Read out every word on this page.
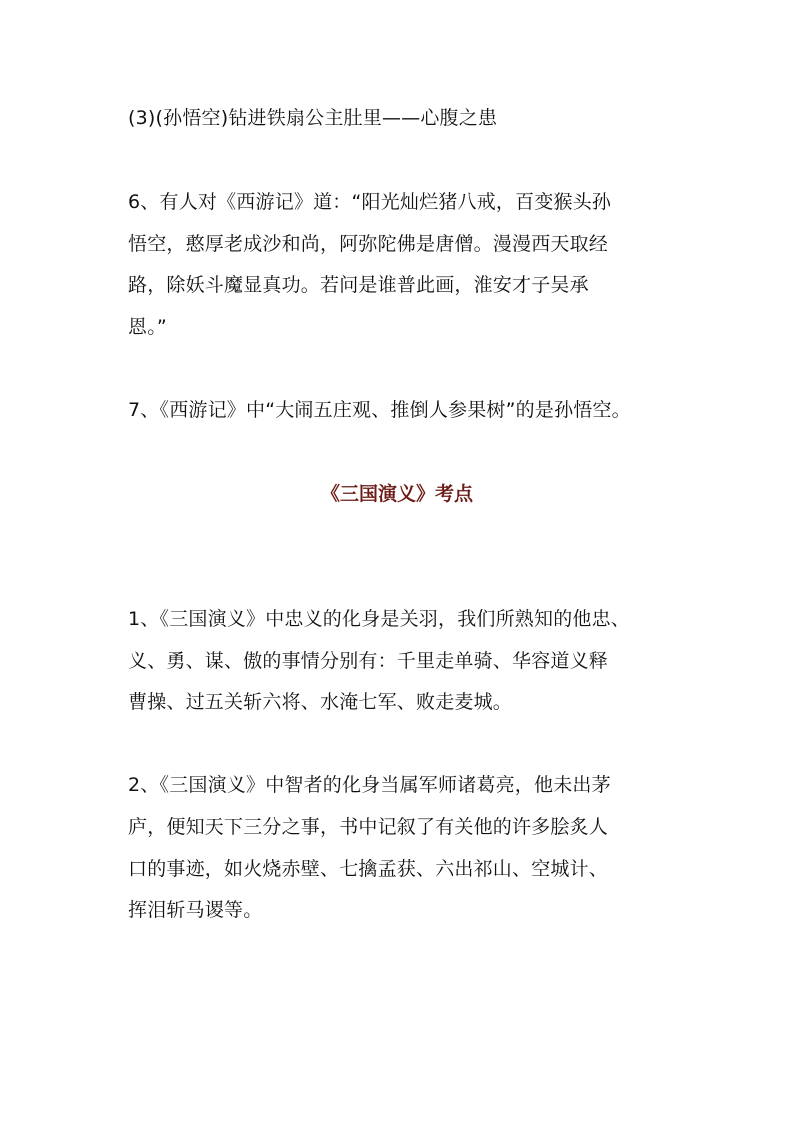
(3)(孙悟空)钻进铁扇公主肚里——心腹之患

6、有人对《西游记》道：“阳光灿烂猪八戒，百变猴头孙

悟空，憨厚老成沙和尚，阿弥陀佛是唐僧。漫漫西天取经

路，除妖斗魔显真功。若问是谁普此画，淮安才子吴承

恩。”

7、《西游记》中“大闹五庄观、推倒人参果树”的是孙悟空。

《三国演义》考点

1、《三国演义》中忠义的化身是关羽，我们所熟知的他忠、

义、勇、谋、傲的事情分别有：千里走单骑、华容道义释

曹操、过五关斩六将、水淹七军、败走麦城。

2、《三国演义》中智者的化身当属军师诸葛亮，他未出茅

庐，便知天下三分之事，书中记叙了有关他的许多脍炙人

口的事迹，如火烧赤壁、七擒孟获、六出祁山、空城计、

挥泪斩马谡等。
